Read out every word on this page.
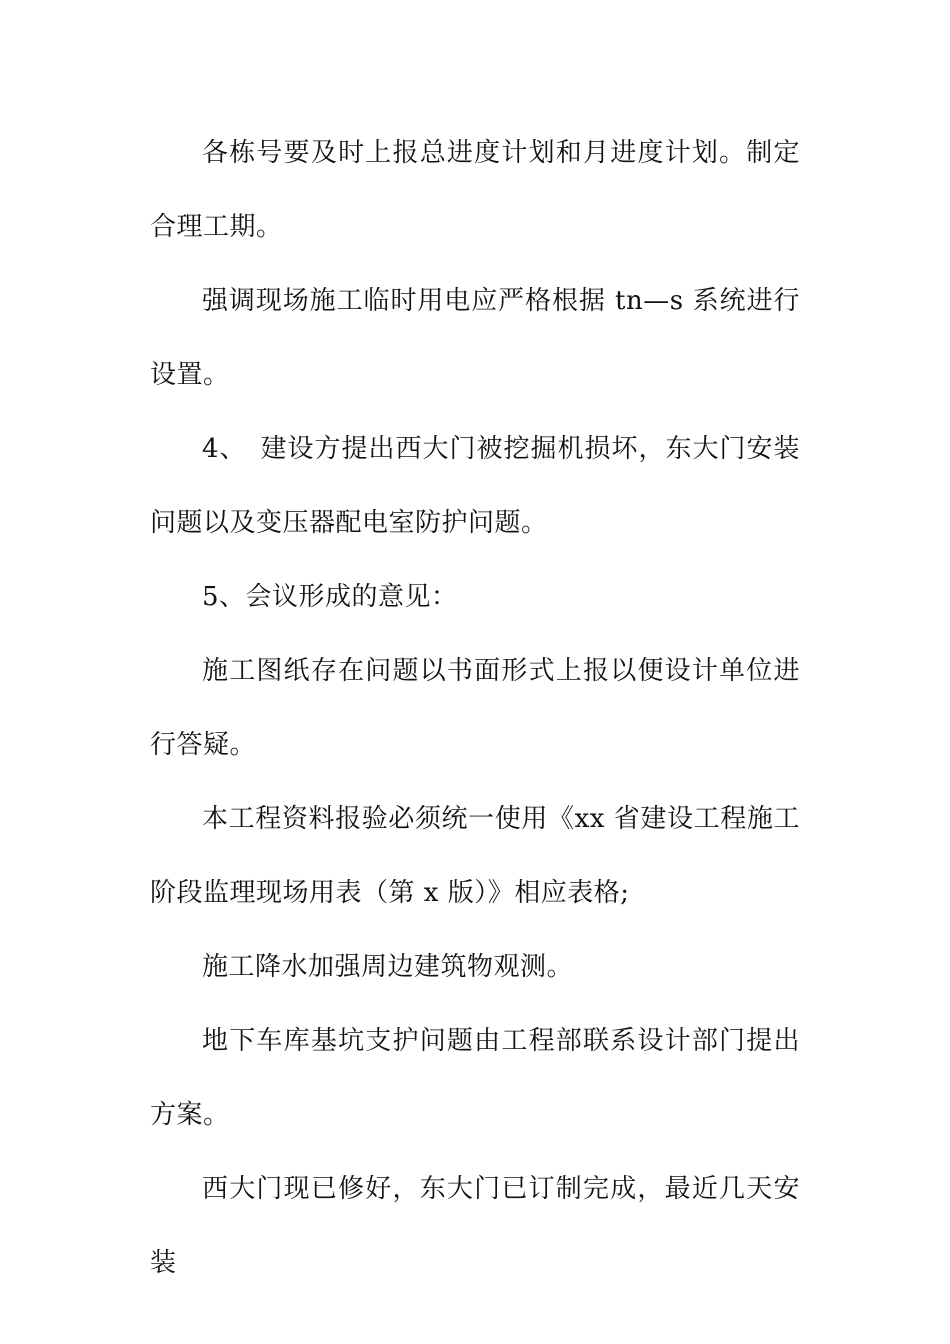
各栋号要及时上报总进度计划和月进度计划。制定合理工期。

强调现场施工临时用电应严格根据 tn—s 系统进行设置。

4、　建设方提出西大门被挖掘机损坏，东大门安装问题以及变压器配电室防护问题。

5、会议形成的意见：

施工图纸存在问题以书面形式上报以便设计单位进行答疑。

本工程资料报验必须统一使用《xx 省建设工程施工阶段监理现场用表（第 x 版）》相应表格;

施工降水加强周边建筑物观测。

地下车库基坑支护问题由工程部联系设计部门提出方案。

西大门现已修好，东大门已订制完成，最近几天安装
